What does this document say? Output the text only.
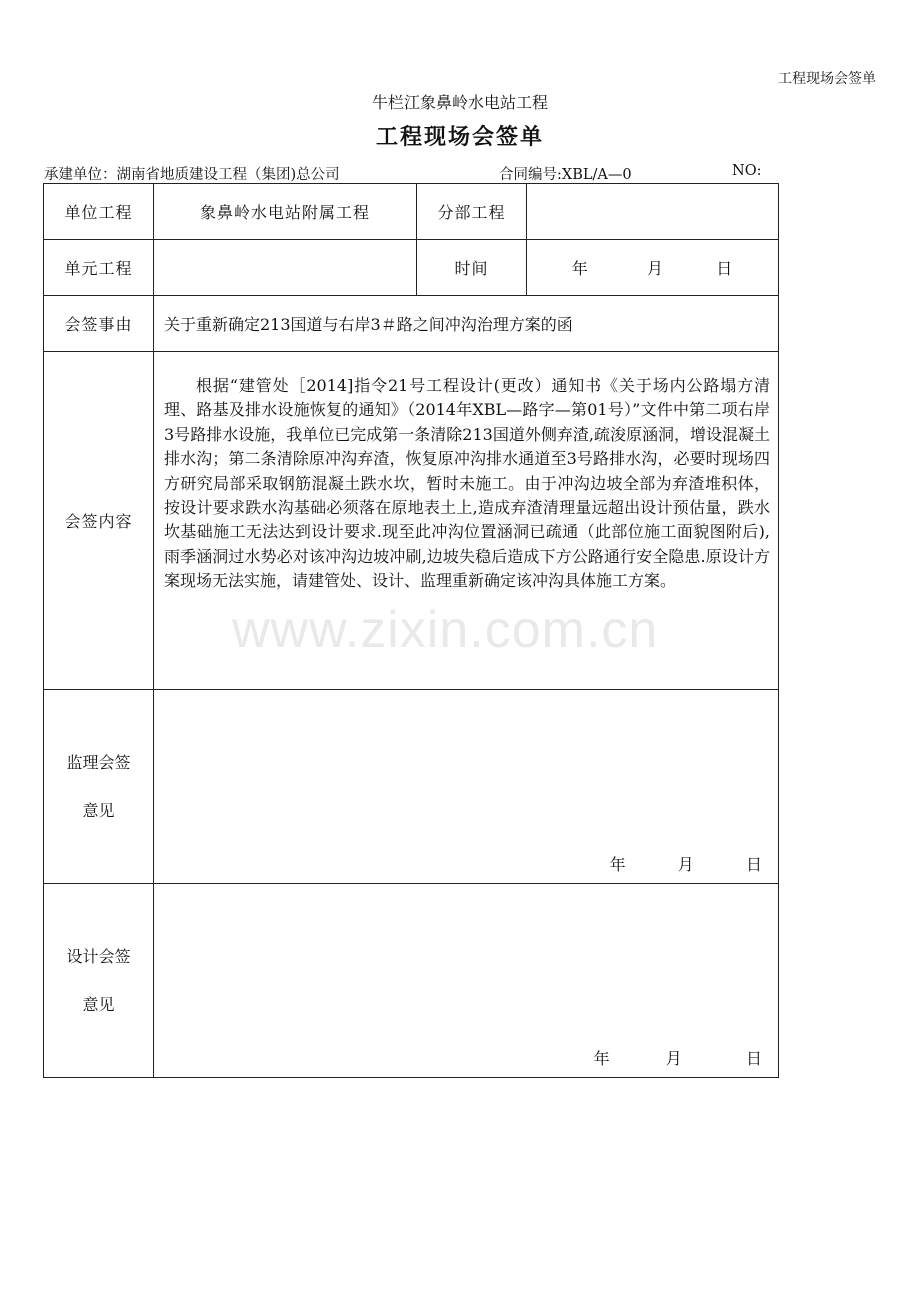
工程现场会签单
牛栏江象鼻岭水电站工程
工程现场会签单
承建单位：湖南省地质建设工程（集团)总公司	合同编号:XBL/A—0	NO:
单位工程	象鼻岭水电站附属工程	分部工程	
单元工程		时间	年 月 日
会签事由	关于重新确定213国道与右岸3＃路之间冲沟治理方案的函		
会签内容	根据“建管处［2014]指令21号工程设计(更改）通知书《关于场内公路塌方清理、路基及排水设施恢复的通知》（2014年XBL—路字—第01号）”文件中第二项右岸3号路排水设施，我单位已完成第一条清除213国道外侧弃渣,疏浚原涵洞，增设混凝土排水沟；第二条清除原冲沟弃渣，恢复原冲沟排水通道至3号路排水沟，必要时现场四方研究局部采取钢筋混凝土跌水坎，暂时未施工。由于冲沟边坡全部为弃渣堆积体，按设计要求跌水沟基础必须落在原地表土上,造成弃渣清理量远超出设计预估量，跌水坎基础施工无法达到设计要求.现至此冲沟位置涵洞已疏通（此部位施工面貌图附后),雨季涵洞过水势必对该冲沟边坡冲刷,边坡失稳后造成下方公路通行安全隐患.原设计方案现场无法实施，请建管处、设计、监理重新确定该冲沟具体施工方案。		

监理会签
意见	年 月 日		

设计会签
意见	年 月 日		
www.zixin.com.cn
